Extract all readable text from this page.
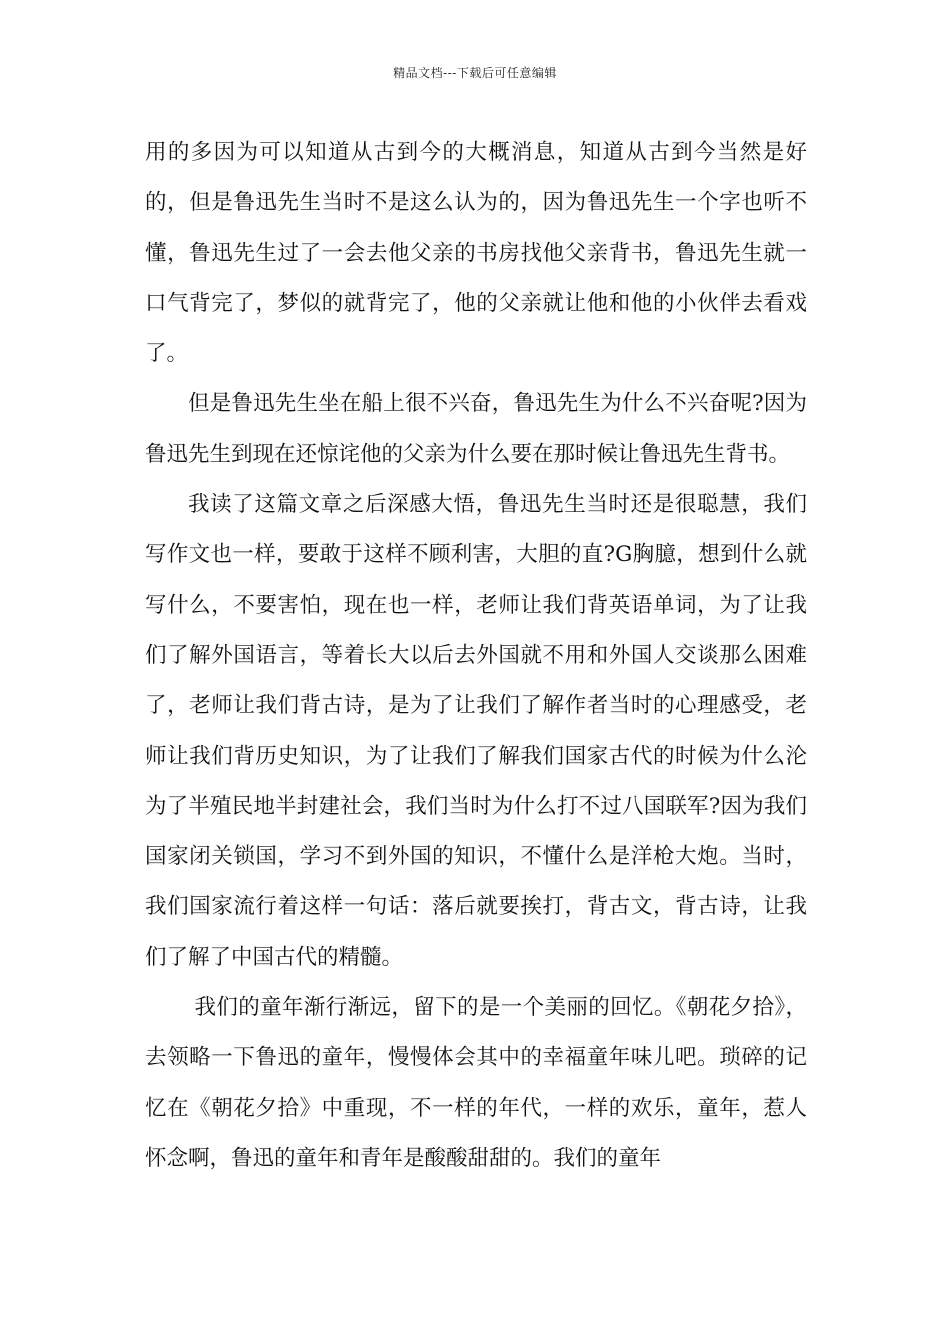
精品文档---下载后可任意编辑

用的多因为可以知道从古到今的大概消息，知道从古到今当然是好的，但是鲁迅先生当时不是这么认为的，因为鲁迅先生一个字也听不懂，鲁迅先生过了一会去他父亲的书房找他父亲背书，鲁迅先生就一口气背完了，梦似的就背完了，他的父亲就让他和他的小伙伴去看戏了。

但是鲁迅先生坐在船上很不兴奋，鲁迅先生为什么不兴奋呢?因为鲁迅先生到现在还惊诧他的父亲为什么要在那时候让鲁迅先生背书。

我读了这篇文章之后深感大悟，鲁迅先生当时还是很聪慧，我们写作文也一样，要敢于这样不顾利害，大胆的直?G胸臆，想到什么就写什么，不要害怕，现在也一样，老师让我们背英语单词，为了让我们了解外国语言，等着长大以后去外国就不用和外国人交谈那么困难了，老师让我们背古诗，是为了让我们了解作者当时的心理感受，老师让我们背历史知识，为了让我们了解我们国家古代的时候为什么沦为了半殖民地半封建社会，我们当时为什么打不过八国联军?因为我们国家闭关锁国，学习不到外国的知识，不懂什么是洋枪大炮。当时，我们国家流行着这样一句话：落后就要挨打，背古文，背古诗，让我们了解了中国古代的精髓。

我们的童年渐行渐远，留下的是一个美丽的回忆。《朝花夕拾》，去领略一下鲁迅的童年，慢慢体会其中的幸福童年味儿吧。琐碎的记忆在《朝花夕拾》中重现，不一样的年代，一样的欢乐，童年，惹人怀念啊，鲁迅的童年和青年是酸酸甜甜的。我们的童年
